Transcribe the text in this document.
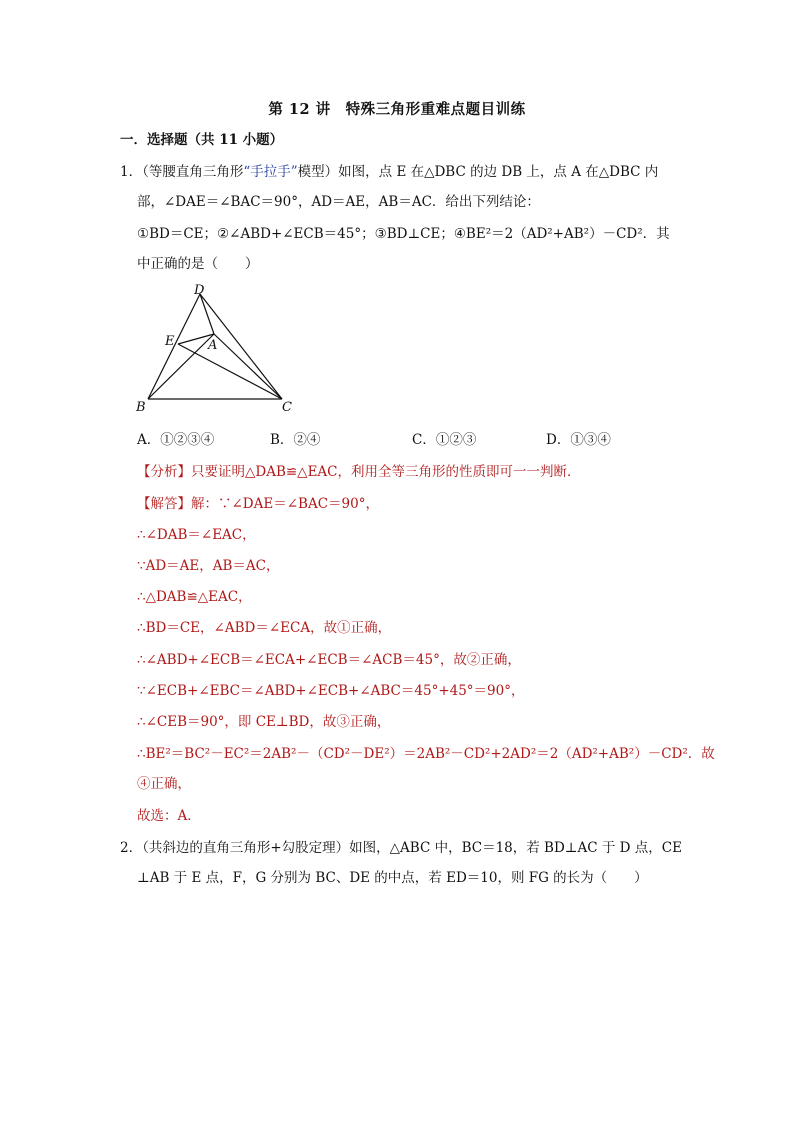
第 12 讲　特殊三角形重难点题目训练
一．选择题（共 11 小题）
1．（等腰直角三角形“手拉手”模型）如图，点 E 在△DBC 的边 DB 上，点 A 在△DBC 内
部，∠DAE＝∠BAC＝90°，AD＝AE，AB＝AC．给出下列结论：
①BD＝CE；②∠ABD+∠ECB＝45°；③BD⊥CE；④BE²＝2（AD²+AB²）－CD²．其
中正确的是（　　）
D
E	A
B	C
A．①②③④	B．②④	C．①②③	D．①③④
【分析】只要证明△DAB≌△EAC，利用全等三角形的性质即可一一判断．
【解答】解：∵∠DAE＝∠BAC＝90°，
∴∠DAB＝∠EAC，
∵AD＝AE，AB＝AC，
∴△DAB≌△EAC，
∴BD＝CE，∠ABD＝∠ECA，故①正确，
∴∠ABD+∠ECB＝∠ECA+∠ECB＝∠ACB＝45°，故②正确，
∵∠ECB+∠EBC＝∠ABD+∠ECB+∠ABC＝45°+45°＝90°，
∴∠CEB＝90°，即 CE⊥BD，故③正确，
∴BE²＝BC²－EC²＝2AB²－（CD²－DE²）＝2AB²－CD²+2AD²＝2（AD²+AB²）－CD²．故
④正确，
故选：A．
2．（共斜边的直角三角形+勾股定理）如图，△ABC 中，BC＝18，若 BD⊥AC 于 D 点，CE
⊥AB 于 E 点，F，G 分别为 BC、DE 的中点，若 ED＝10，则 FG 的长为（　　）
